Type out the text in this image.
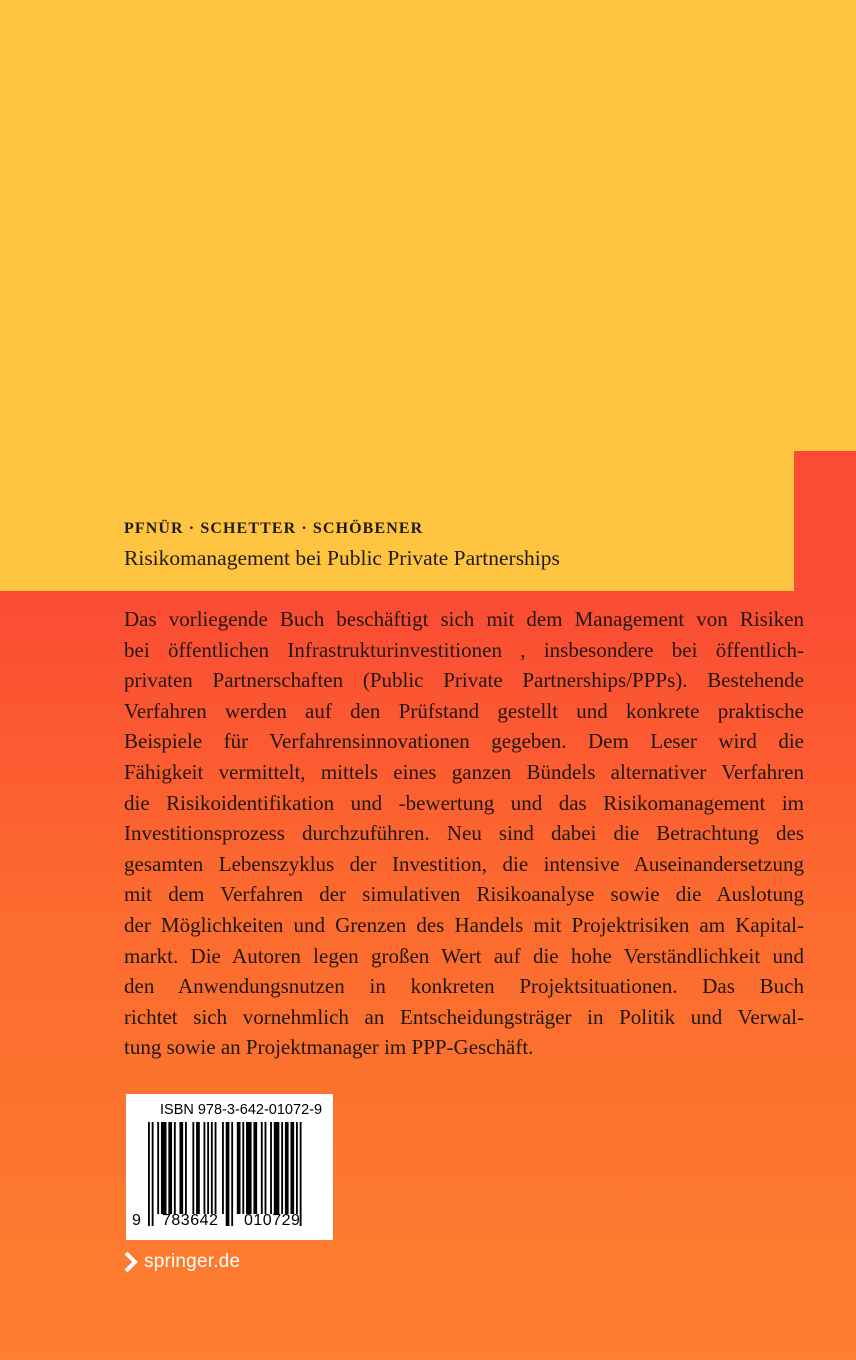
PFNÜR · SCHETTER · SCHÖBENER
Risikomanagement bei Public Private Partnerships
Das vorliegende Buch beschäftigt sich mit dem Management von Risiken
bei öffentlichen Infrastrukturinvestitionen , insbesondere bei öffentlich-
privaten Partnerschaften (Public Private Partnerships/PPPs). Bestehende
Verfahren werden auf den Prüfstand gestellt und konkrete praktische
Beispiele für Verfahrensinnovationen gegeben. Dem Leser wird die
Fähigkeit vermittelt, mittels eines ganzen Bündels alternativer Verfahren
die Risikoidentifikation und -bewertung und das Risikomanagement im
Investitionsprozess durchzuführen. Neu sind dabei die Betrachtung des
gesamten Lebenszyklus der Investition, die intensive Auseinandersetzung
mit dem Verfahren der simulativen Risikoanalyse sowie die Auslotung
der Möglichkeiten und Grenzen des Handels mit Projektrisiken am Kapital-
markt. Die Autoren legen großen Wert auf die hohe Verständlichkeit und
den Anwendungsnutzen in konkreten Projektsituationen. Das Buch
richtet sich vornehmlich an Entscheidungsträger in Politik und Verwal-
tung sowie an Projektmanager im PPP-Geschäft.
ISBN 978-3-642-01072-9
9 783642 010729
springer.de
